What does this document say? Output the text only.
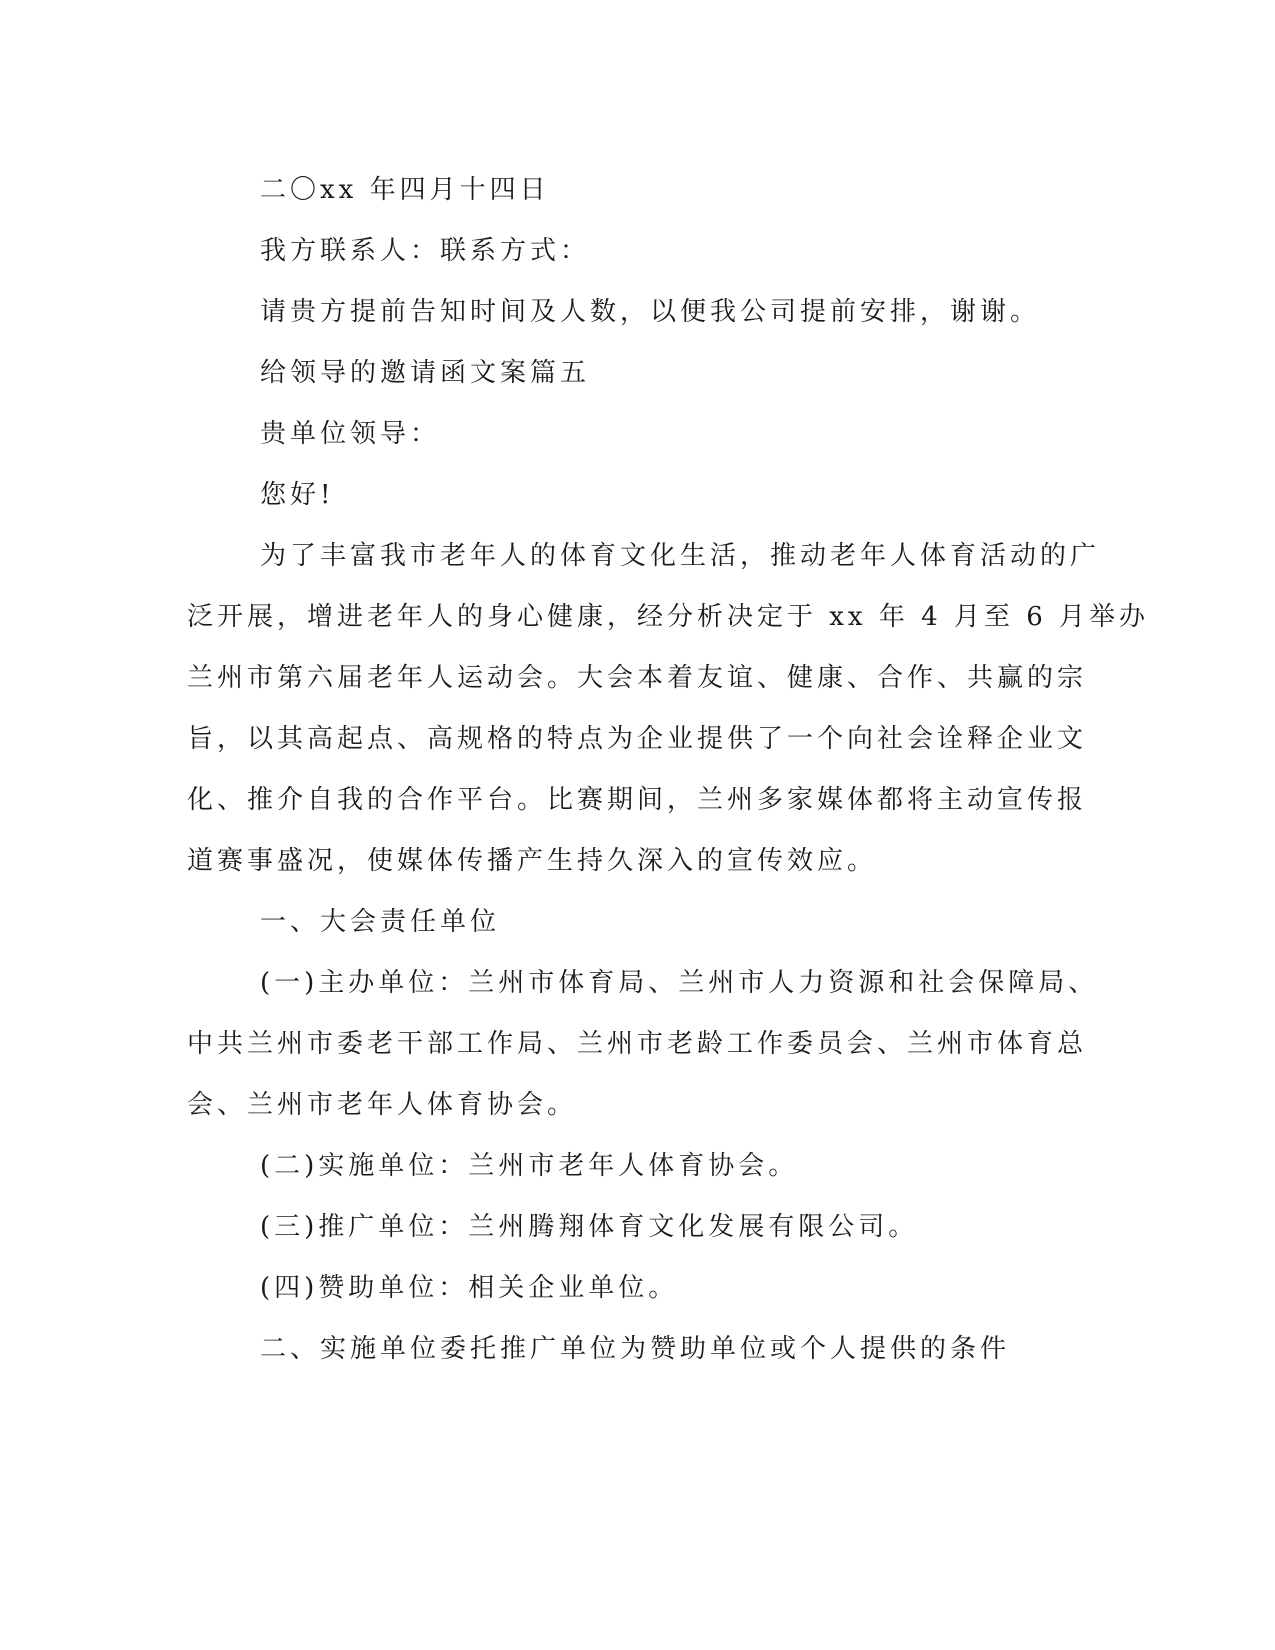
二〇xx 年四月十四日
我方联系人：联系方式：
请贵方提前告知时间及人数，以便我公司提前安排，谢谢。
给领导的邀请函文案篇五
贵单位领导：
您好!
为了丰富我市老年人的体育文化生活，推动老年人体育活动的广
泛开展，增进老年人的身心健康，经分析决定于 xx 年 4 月至 6 月举办
兰州市第六届老年人运动会。大会本着友谊、健康、合作、共赢的宗
旨，以其高起点、高规格的特点为企业提供了一个向社会诠释企业文
化、推介自我的合作平台。比赛期间，兰州多家媒体都将主动宣传报
道赛事盛况，使媒体传播产生持久深入的宣传效应。
一、大会责任单位
(一)主办单位：兰州市体育局、兰州市人力资源和社会保障局、
中共兰州市委老干部工作局、兰州市老龄工作委员会、兰州市体育总
会、兰州市老年人体育协会。
(二)实施单位：兰州市老年人体育协会。
(三)推广单位：兰州腾翔体育文化发展有限公司。
(四)赞助单位：相关企业单位。
二、实施单位委托推广单位为赞助单位或个人提供的条件
